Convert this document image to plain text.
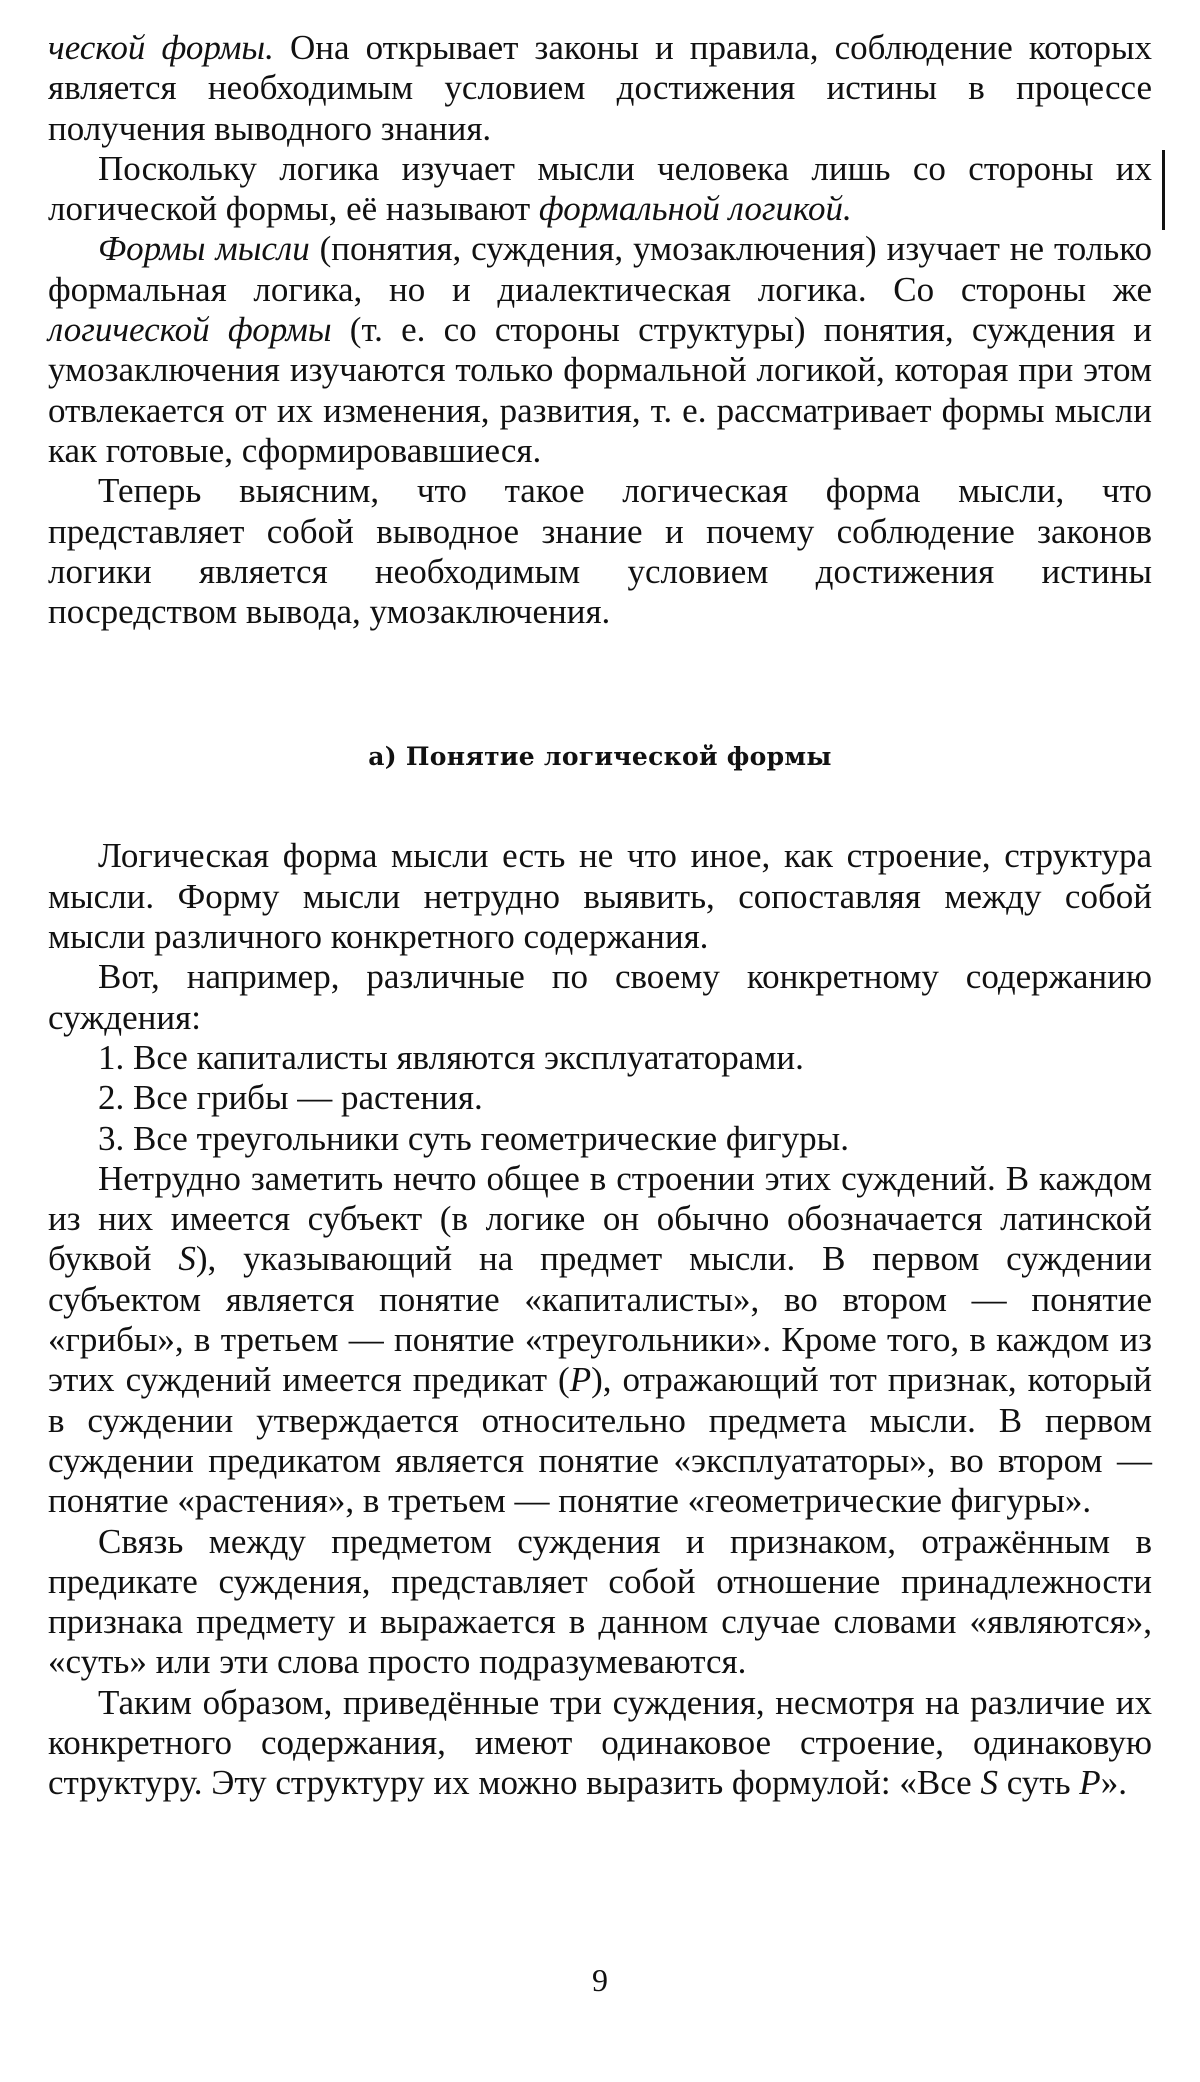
ческой формы. Она открывает законы и правила, соблюдение которых является необходимым условием достижения истины в процессе получения выводного знания.

Поскольку логика изучает мысли человека лишь со стороны их логической формы, её называют формальной логикой.

Формы мысли (понятия, суждения, умозаключения) изучает не только формальная логика, но и диалектическая логика. Со стороны же логической формы (т. е. со стороны структуры) понятия, суждения и умозаключения изучаются только формальной логикой, которая при этом отвлекается от их изменения, развития, т. е. рассматривает формы мысли как готовые, сформировавшиеся.

Теперь выясним, что такое логическая форма мысли, что представляет собой выводное знание и почему соблюдение законов логики является необходимым условием достижения истины посредством вывода, умозаключения.

а) Понятие логической формы

Логическая форма мысли есть не что иное, как строение, структура мысли. Форму мысли нетрудно выявить, сопоставляя между собой мысли различного конкретного содержания.

Вот, например, различные по своему конкретному содержанию суждения:

1. Все капиталисты являются эксплуататорами.

2. Все грибы — растения.

3. Все треугольники суть геометрические фигуры.

Нетрудно заметить нечто общее в строении этих суждений. В каждом из них имеется субъект (в логике он обычно обозначается латинской буквой S), указывающий на предмет мысли. В первом суждении субъектом является понятие «капиталисты», во втором — понятие «грибы», в третьем — понятие «треугольники». Кроме того, в каждом из этих суждений имеется предикат (P), отражающий тот признак, который в суждении утверждается относительно предмета мысли. В первом суждении предикатом является понятие «эксплуататоры», во втором — понятие «растения», в третьем — понятие «геометрические фигуры».

Связь между предметом суждения и признаком, отражённым в предикате суждения, представляет собой отношение принадлежности признака предмету и выражается в данном случае словами «являются», «суть» или эти слова просто подразумеваются.

Таким образом, приведённые три суждения, несмотря на различие их конкретного содержания, имеют одинаковое строение, одинаковую структуру. Эту структуру их можно выразить формулой: «Все S суть P».

9
